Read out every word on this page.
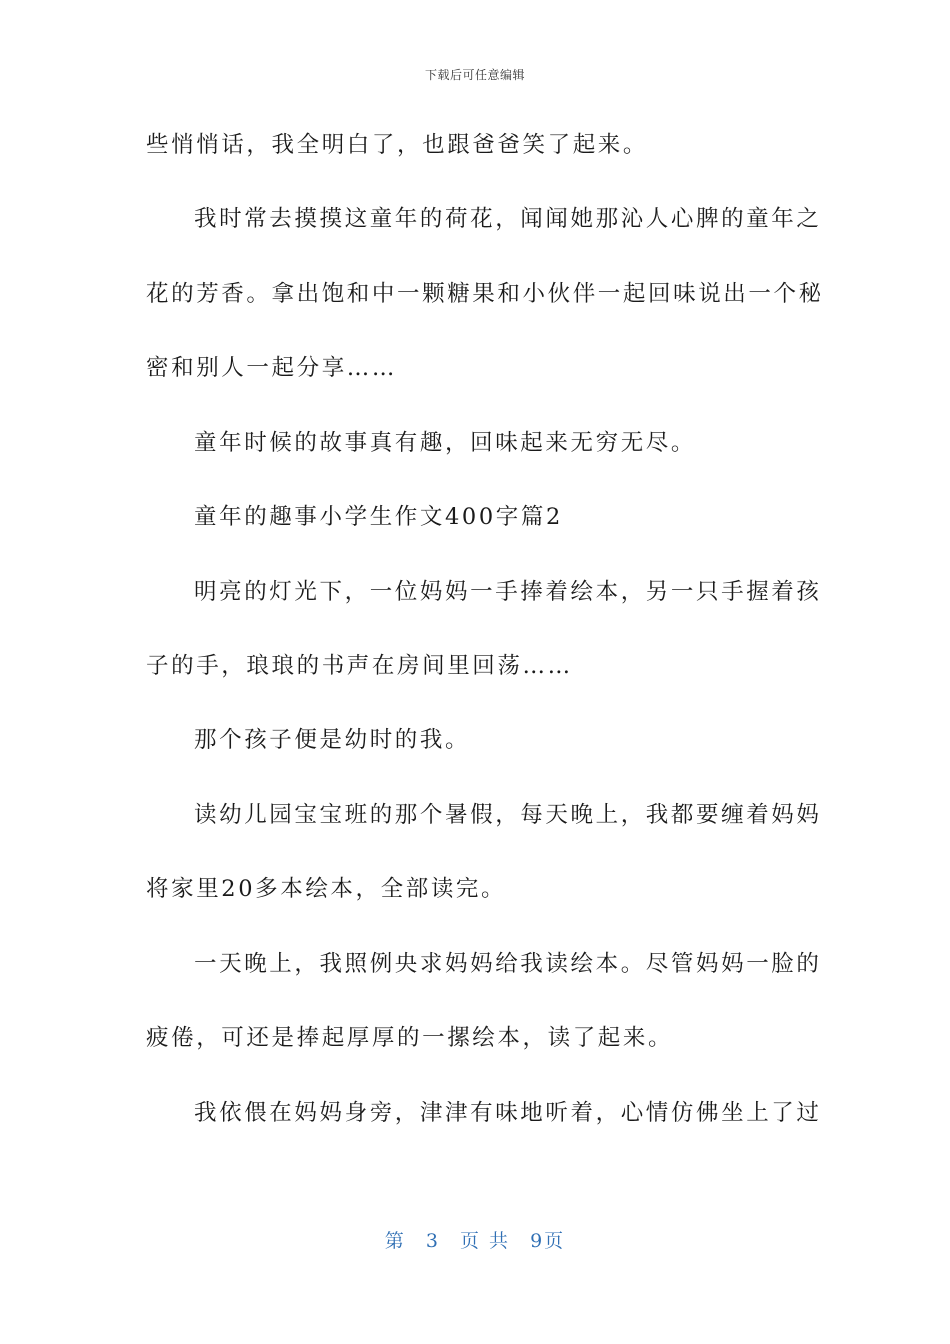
下载后可任意编辑
些悄悄话，我全明白了，也跟爸爸笑了起来。
我时常去摸摸这童年的荷花，闻闻她那沁人心脾的童年之
花的芳香。拿出饱和中一颗糖果和小伙伴一起回味说出一个秘
密和别人一起分享……
童年时候的故事真有趣，回味起来无穷无尽。
童年的趣事小学生作文400字篇2
明亮的灯光下，一位妈妈一手捧着绘本，另一只手握着孩
子的手，琅琅的书声在房间里回荡……
那个孩子便是幼时的我。
读幼儿园宝宝班的那个暑假，每天晚上，我都要缠着妈妈
将家里20多本绘本，全部读完。
一天晚上，我照例央求妈妈给我读绘本。尽管妈妈一脸的
疲倦，可还是捧起厚厚的一摞绘本，读了起来。
我依偎在妈妈身旁，津津有味地听着，心情仿佛坐上了过
第 3 页 共 9页
